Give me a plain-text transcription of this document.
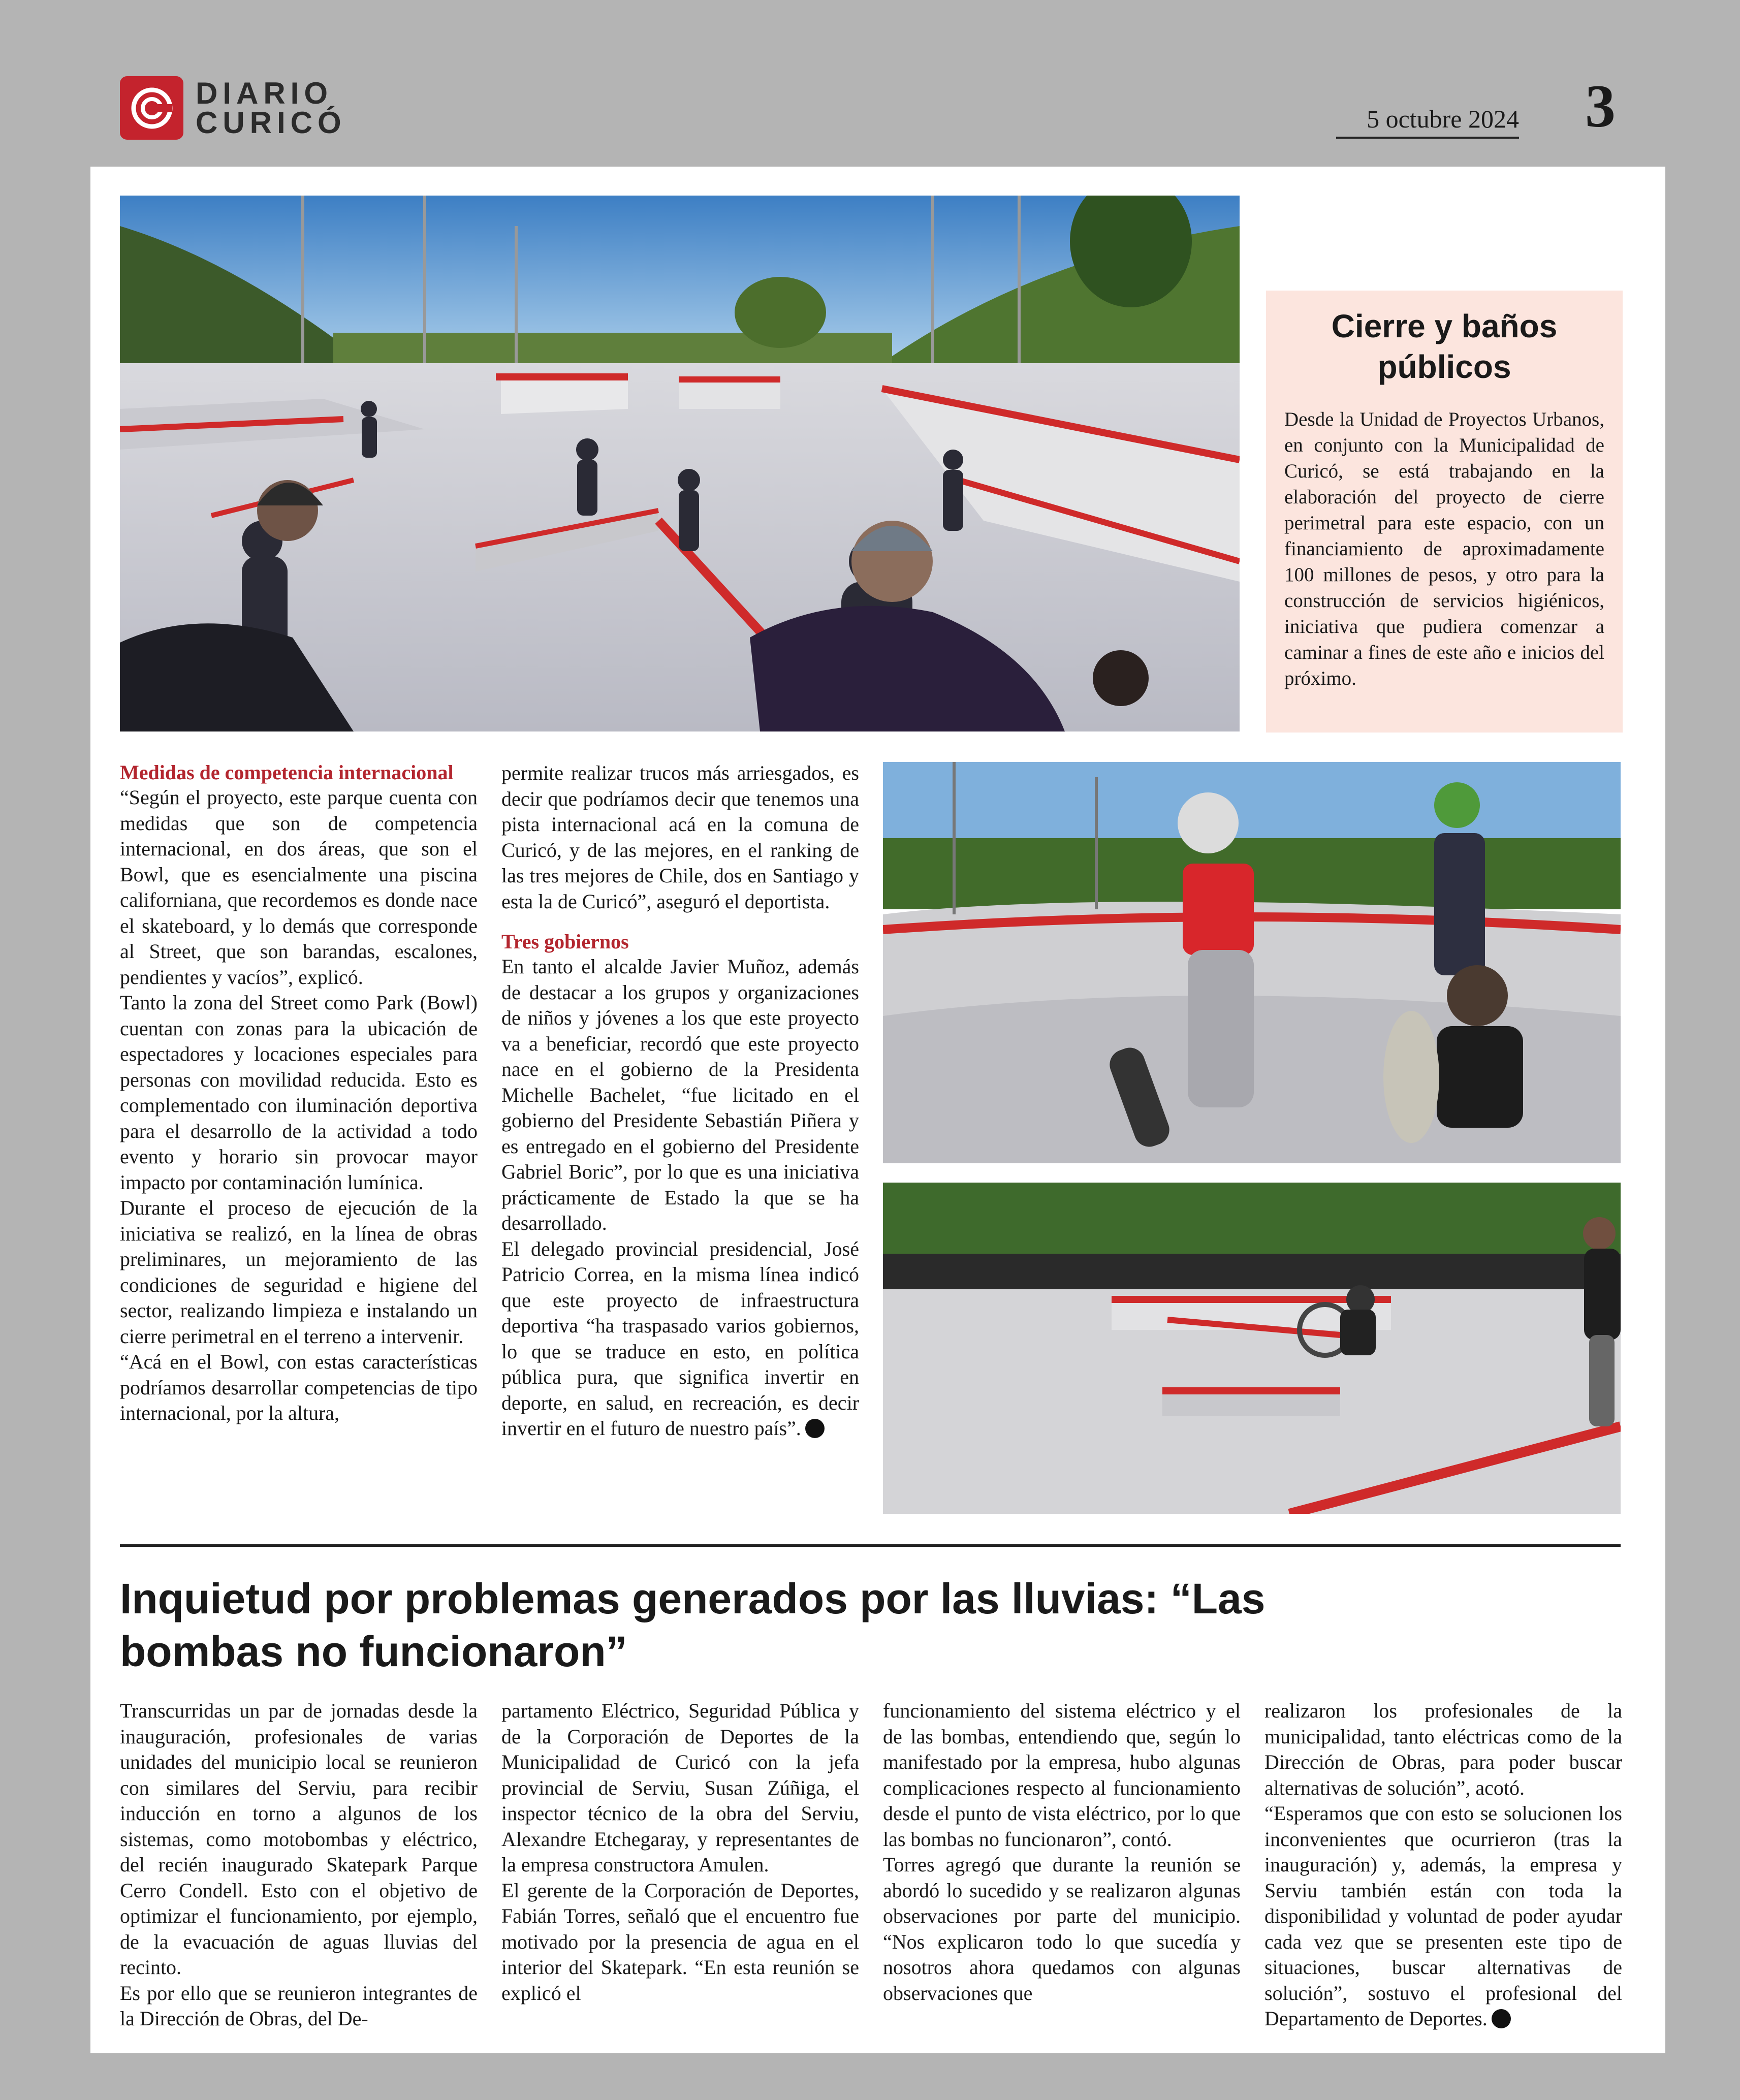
DIARIO
CURICÓ	5 octubre 2024 3
Cierre y baños públicos

Desde la Unidad de Proyectos Urbanos, en conjunto con la Municipalidad de Curicó, se está trabajando en la elaboración del proyecto de cierre perimetral para este espacio, con un financiamiento de aproximadamente 100 millones de pesos, y otro para la construcción de servicios higiénicos, iniciativa que pudiera comenzar a caminar a fines de este año e inicios del próximo.

Medidas de competencia internacional

“Según el proyecto, este parque cuenta con medidas que son de competencia internacional, en dos áreas, que son el Bowl, que es esencialmente una piscina californiana, que recordemos es donde nace el skateboard, y lo demás que corresponde al Street, que son barandas, escalones, pendientes y vacíos”, explicó.

Tanto la zona del Street como Park (Bowl) cuentan con zonas para la ubicación de espectadores y locaciones especiales para personas con movilidad reducida. Esto es complementado con iluminación deportiva para el desarrollo de la actividad a todo evento y horario sin provocar mayor impacto por contaminación lumínica.

Durante el proceso de ejecución de la iniciativa se realizó, en la línea de obras preliminares, un mejoramiento de las condiciones de seguridad e higiene del sector, realizando limpieza e instalando un cierre perimetral en el terreno a intervenir.

“Acá en el Bowl, con estas características podríamos desarrollar competencias de tipo internacional, por la altura,

permite realizar trucos más arriesgados, es decir que podríamos decir que tenemos una pista internacional acá en la comuna de Curicó, y de las mejores, en el ranking de las tres mejores de Chile, dos en Santiago y esta la de Curicó”, aseguró el deportista.

Tres gobiernos

En tanto el alcalde Javier Muñoz, además de destacar a los grupos y organizaciones de niños y jóvenes a los que este proyecto va a beneficiar, recordó que este proyecto nace en el gobierno de la Presidenta Michelle Bachelet, “fue licitado en el gobierno del Presidente Sebastián Piñera y es entregado en el gobierno del Presidente Gabriel Boric”, por lo que es una iniciativa prácticamente de Estado la que se ha desarrollado.

El delegado provincial presidencial, José Patricio Correa, en la misma línea indicó que este proyecto de infraestructura deportiva “ha traspasado varios gobiernos, lo que se traduce en esto, en política pública pura, que significa invertir en deporte, en salud, en recreación, es decir invertir en el futuro de nuestro país”.

Inquietud por problemas generados por las lluvias: “Las bombas no funcionaron”

Transcurridas un par de jornadas desde la inauguración, profesionales de varias unidades del municipio local se reunieron con similares del Serviu, para recibir inducción en torno a algunos de los sistemas, como motobombas y eléctrico, del recién inaugurado Skatepark Parque Cerro Condell. Esto con el objetivo de optimizar el funcionamiento, por ejemplo, de la evacuación de aguas lluvias del recinto.

Es por ello que se reunieron integrantes de la Dirección de Obras, del De-

partamento Eléctrico, Seguridad Pública y de la Corporación de Deportes de la Municipalidad de Curicó con la jefa provincial de Serviu, Susan Zúñiga, el inspector técnico de la obra del Serviu, Alexandre Etchegaray, y representantes de la empresa constructora Amulen.

El gerente de la Corporación de Deportes, Fabián Torres, señaló que el encuentro fue motivado por la presencia de agua en el interior del Skatepark. “En esta reunión se explicó el

funcionamiento del sistema eléctrico y el de las bombas, entendiendo que, según lo manifestado por la empresa, hubo algunas complicaciones respecto al funcionamiento desde el punto de vista eléctrico, por lo que las bombas no funcionaron”, contó.

Torres agregó que durante la reunión se abordó lo sucedido y se realizaron algunas observaciones por parte del municipio. “Nos explicaron todo lo que sucedía y nosotros ahora quedamos con algunas observaciones que

realizaron los profesionales de la municipalidad, tanto eléctricas como de la Dirección de Obras, para poder buscar alternativas de solución”, acotó.

“Esperamos que con esto se solucionen los inconvenientes que ocurrieron (tras la inauguración) y, además, la empresa y Serviu también están con toda la disponibilidad y voluntad de poder ayudar cada vez que se presenten este tipo de situaciones, buscar alternativas de solución”, sostuvo el profesional del Departamento de Deportes.
